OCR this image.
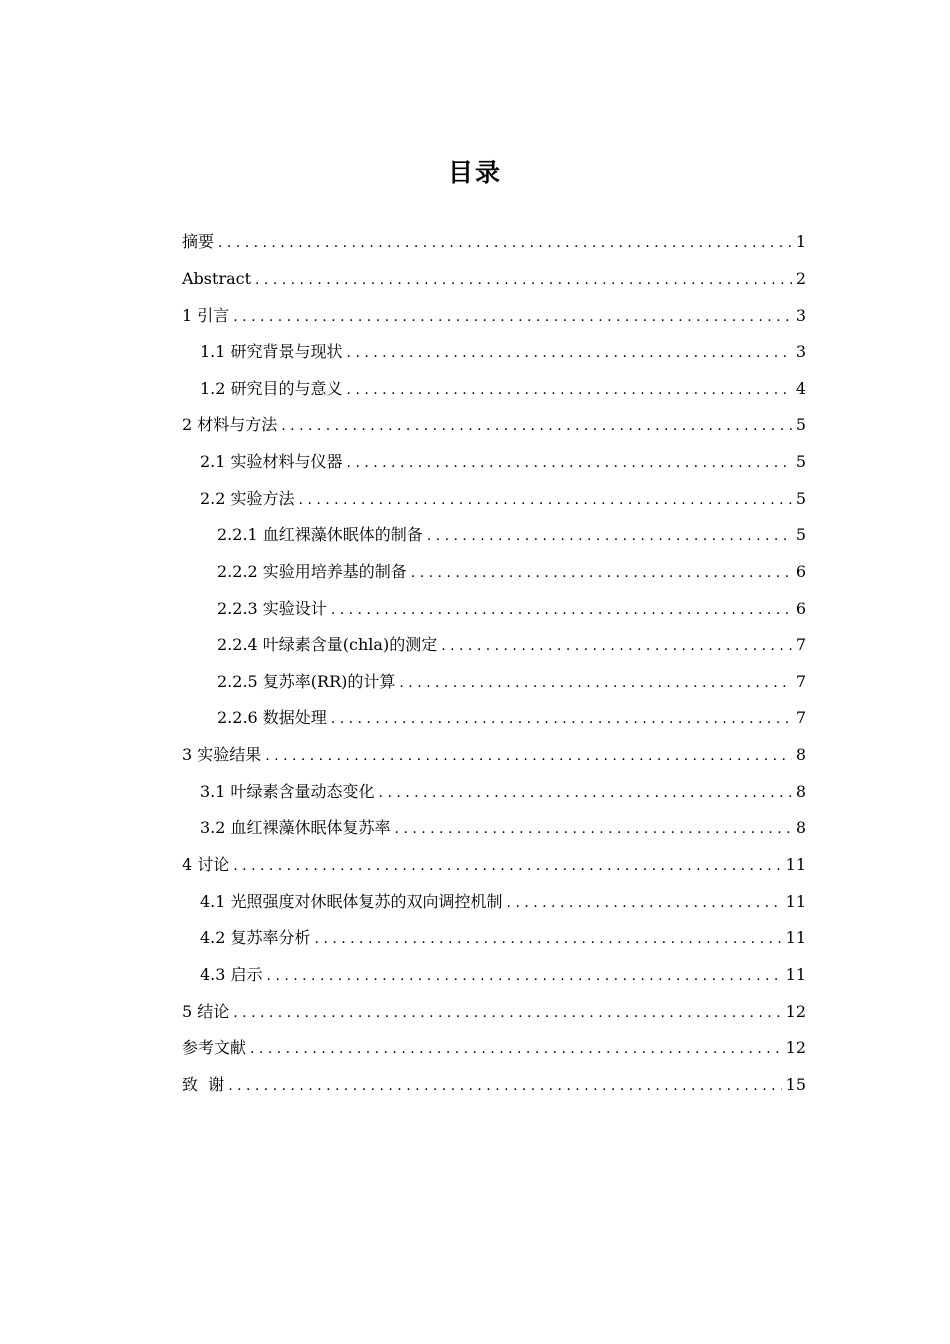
目录
摘要 . . .	1
Abstract . . .	2
1 引言 . . .	3
1.1 研究背景与现状 . . .	3
1.2 研究目的与意义 . . .	4
2 材料与方法 . . .	5
2.1 实验材料与仪器 . . .	5
2.2 实验方法 . . .	5
2.2.1 血红裸藻休眠体的制备 . . .	5
2.2.2 实验用培养基的制备 . . .	6
2.2.3 实验设计 . . .	6
2.2.4 叶绿素含量(chla)的测定 . . .	7
2.2.5 复苏率(RR)的计算 . . .	7
2.2.6 数据处理 . . .	7
3 实验结果 . . .	8
3.1 叶绿素含量动态变化 . . .	8
3.2 血红裸藻休眠体复苏率 . . .	8
4 讨论 . . .	11
4.1 光照强度对休眠体复苏的双向调控机制 . . .	11
4.2 复苏率分析 . . .	11
4.3 启示 . . .	11
5 结论 . . .	12
参考文献 . . .	12
致  谢 . . .	15
